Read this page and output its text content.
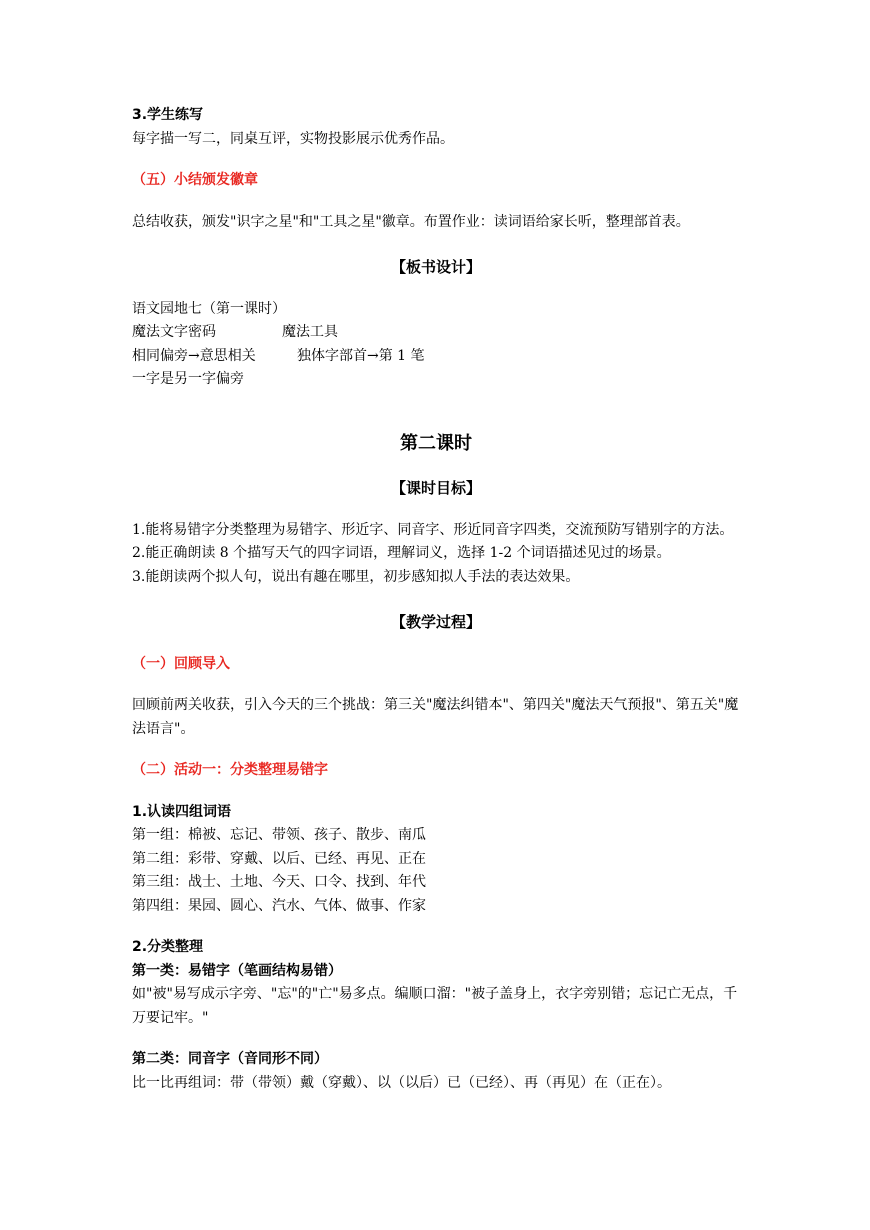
3.学生练写
每字描一写二，同桌互评，实物投影展示优秀作品。
（五）小结颁发徽章
总结收获，颁发"识字之星"和"工具之星"徽章。布置作业：读词语给家长听，整理部首表。
【板书设计】
语文园地七（第一课时）
魔法文字密码	魔法工具
相同偏旁→意思相关	独体字部首→第 1 笔
一字是另一字偏旁
第二课时
【课时目标】
1.能将易错字分类整理为易错字、形近字、同音字、形近同音字四类，交流预防写错别字的方法。
2.能正确朗读 8 个描写天气的四字词语，理解词义，选择 1-2 个词语描述见过的场景。
3.能朗读两个拟人句，说出有趣在哪里，初步感知拟人手法的表达效果。
【教学过程】
（一）回顾导入
回顾前两关收获，引入今天的三个挑战：第三关"魔法纠错本"、第四关"魔法天气预报"、第五关"魔法语言"。
（二）活动一：分类整理易错字
1.认读四组词语
第一组：棉被、忘记、带领、孩子、散步、南瓜
第二组：彩带、穿戴、以后、已经、再见、正在
第三组：战士、土地、今天、口令、找到、年代
第四组：果园、圆心、汽水、气体、做事、作家
2.分类整理
第一类：易错字（笔画结构易错）
如"被"易写成示字旁、"忘"的"亡"易多点。编顺口溜："被子盖身上，衣字旁别错；忘记亡无点，千万要记牢。"
第二类：同音字（音同形不同）
比一比再组词：带（带领）戴（穿戴）、以（以后）已（已经）、再（再见）在（正在）。
